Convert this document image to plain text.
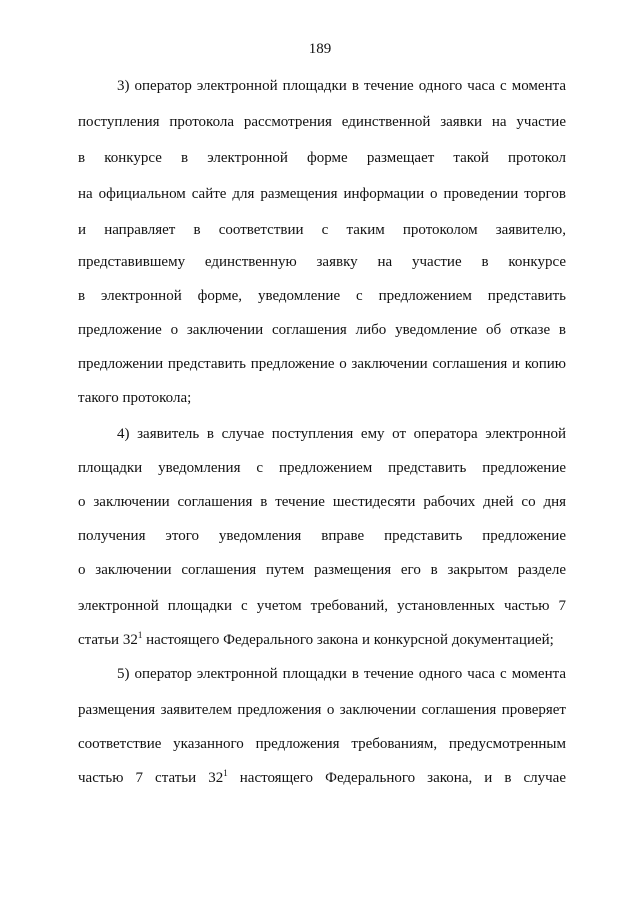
189
3) оператор электронной площадки в течение одного часа с момента
поступления протокола рассмотрения единственной заявки на участие
в конкурсе в электронной форме размещает такой протокол
на официальном сайте для размещения информации о проведении торгов
и направляет в соответствии с таким протоколом заявителю,
представившему единственную заявку на участие в конкурсе
в электронной форме, уведомление с предложением представить
предложение о заключении соглашения либо уведомление об отказе в
предложении представить предложение о заключении соглашения и копию
такого протокола;
4) заявитель в случае поступления ему от оператора электронной
площадки уведомления с предложением представить предложение
о заключении соглашения в течение шестидесяти рабочих дней со дня
получения этого уведомления вправе представить предложение
о заключении соглашения путем размещения его в закрытом разделе
электронной площадки с учетом требований, установленных частью 7
статьи $32^1$ настоящего Федерального закона и конкурсной документацией;
5) оператор электронной площадки в течение одного часа с момента
размещения заявителем предложения о заключении соглашения проверяет
соответствие указанного предложения требованиям, предусмотренным
частью 7 статьи $32^1$ настоящего Федерального закона, и в случае
